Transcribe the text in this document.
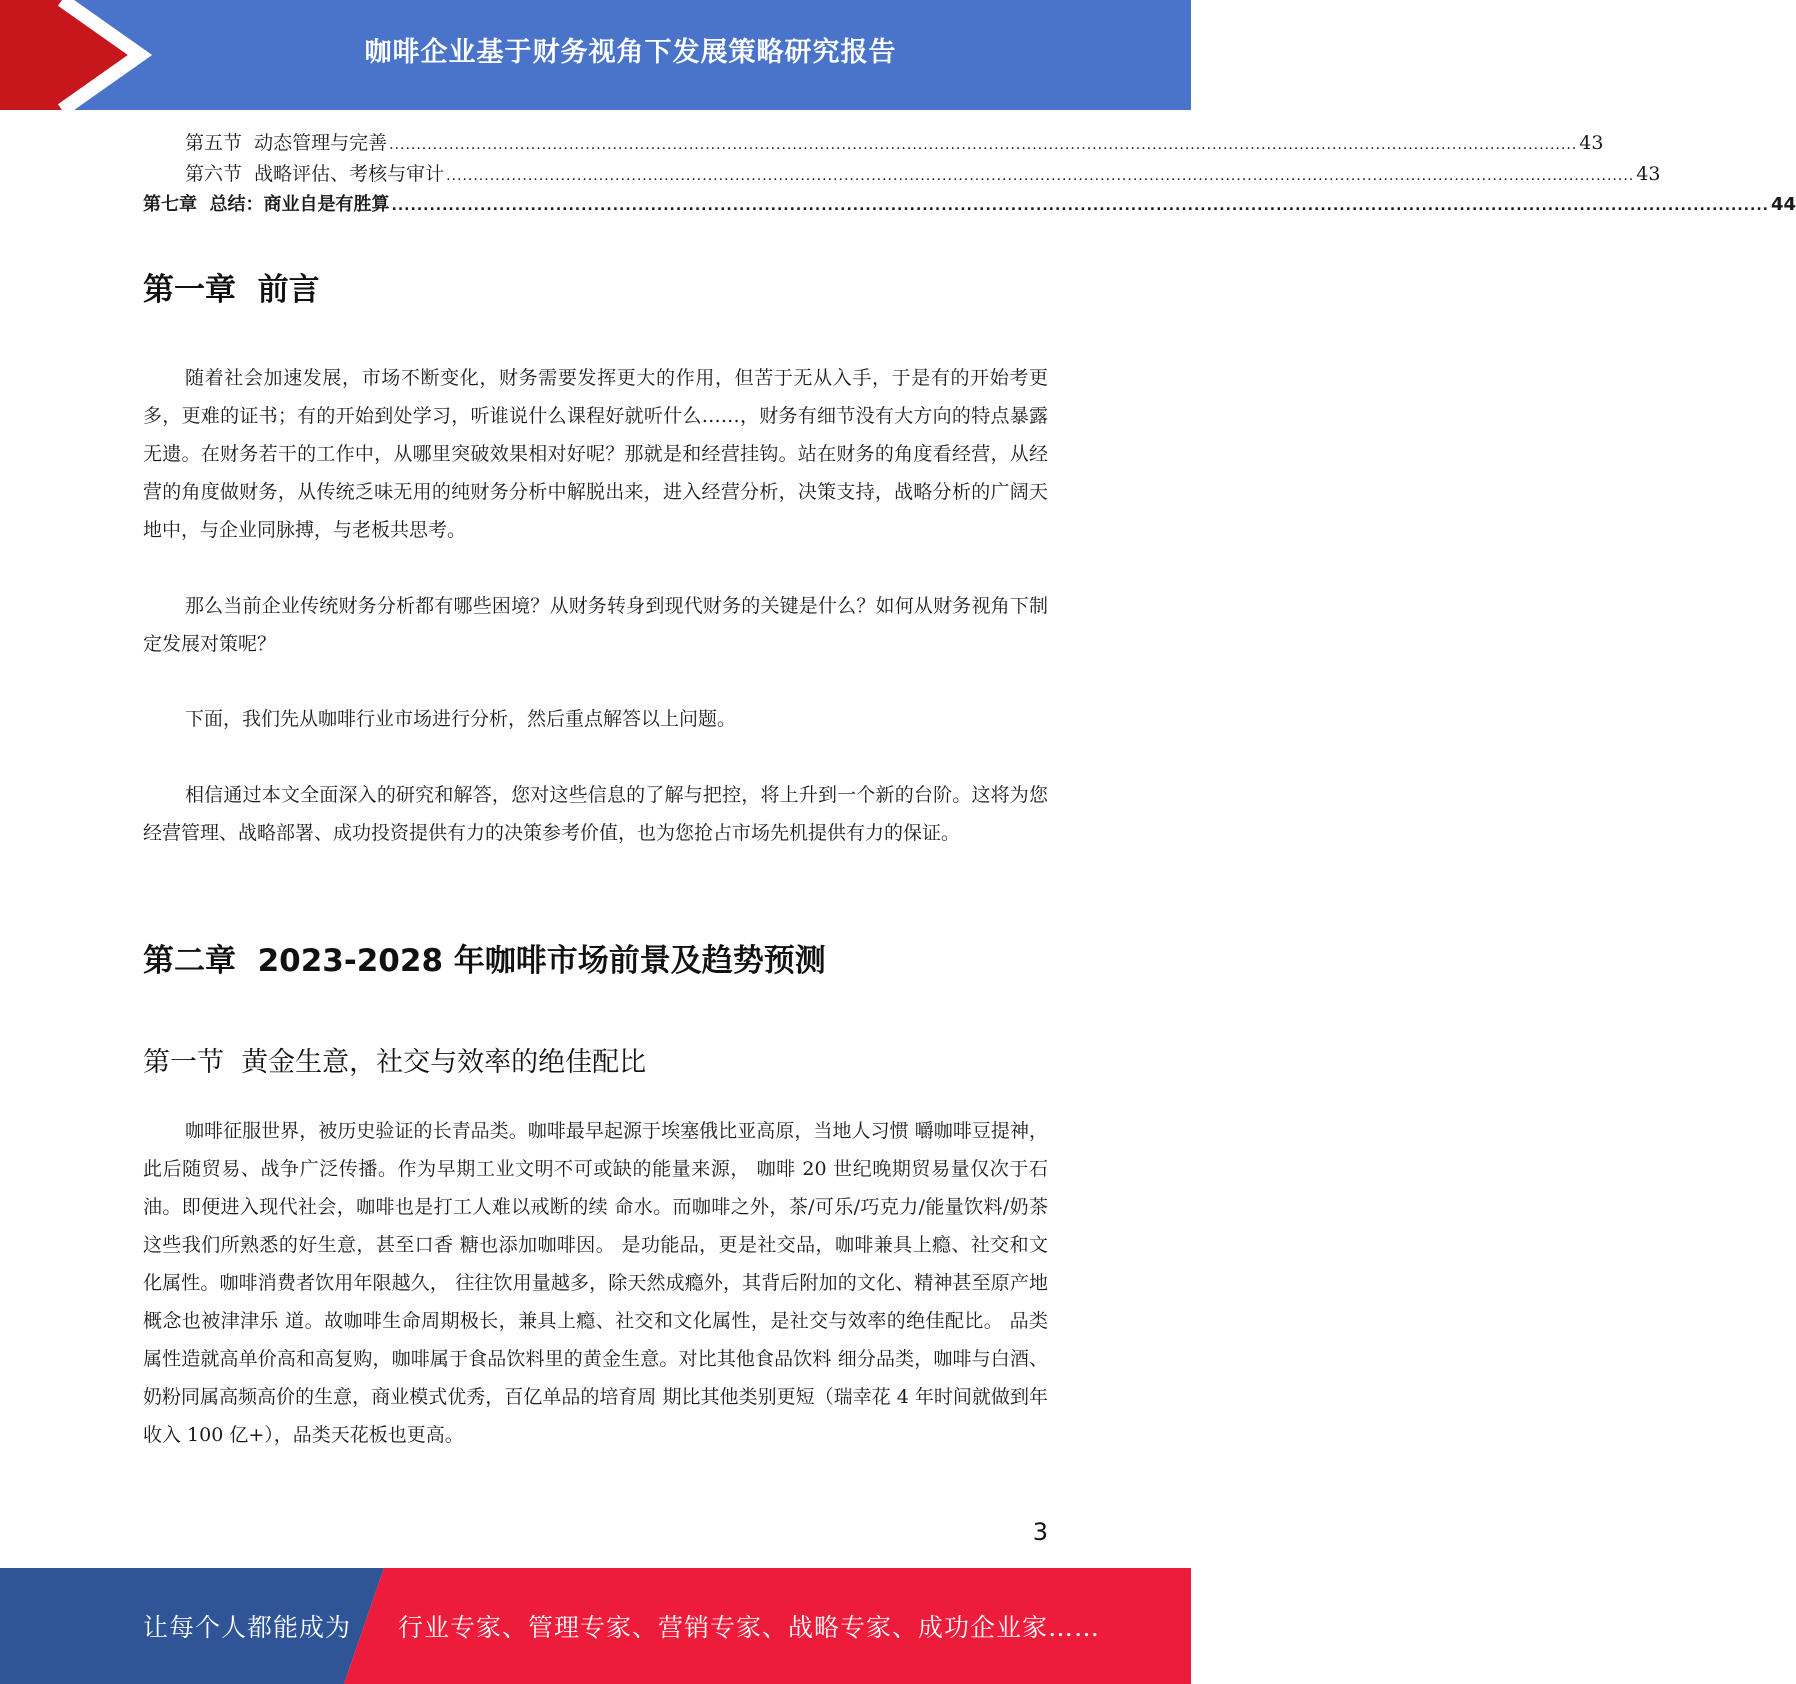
咖啡企业基于财务视角下发展策略研究报告
第五节  动态管理与完善 .......................................................................................................................................................................................................................... 43
第六节  战略评估、考核与审计 .......................................................................................................................................................................................................................... 43
第七章  总结：商业自是有胜算 .......................................................................................................................................................................................................................... 44
第一章  前言

随着社会加速发展，市场不断变化，财务需要发挥更大的作用，但苦于无从入手，于是有的开始考更多，更难的证书；有的开始到处学习，听谁说什么课程好就听什么……，财务有细节没有大方向的特点暴露无遗。在财务若干的工作中，从哪里突破效果相对好呢？那就是和经营挂钩。站在财务的角度看经营，从经营的角度做财务，从传统乏味无用的纯财务分析中解脱出来，进入经营分析，决策支持，战略分析的广阔天地中，与企业同脉搏，与老板共思考。

那么当前企业传统财务分析都有哪些困境？从财务转身到现代财务的关键是什么？如何从财务视角下制定发展对策呢？

下面，我们先从咖啡行业市场进行分析，然后重点解答以上问题。

相信通过本文全面深入的研究和解答，您对这些信息的了解与把控，将上升到一个新的台阶。这将为您经营管理、战略部署、成功投资提供有力的决策参考价值，也为您抢占市场先机提供有力的保证。

第二章  2023-2028 年咖啡市场前景及趋势预测
第一节  黄金生意，社交与效率的绝佳配比

咖啡征服世界，被历史验证的长青品类。咖啡最早起源于埃塞俄比亚高原，当地人习惯 嚼咖啡豆提神，此后随贸易、战争广泛传播。作为早期工业文明不可或缺的能量来源， 咖啡 20 世纪晚期贸易量仅次于石油。即便进入现代社会，咖啡也是打工人难以戒断的续 命水。而咖啡之外，茶/可乐/巧克力/能量饮料/奶茶这些我们所熟悉的好生意，甚至口香 糖也添加咖啡因。 是功能品，更是社交品，咖啡兼具上瘾、社交和文化属性。咖啡消费者饮用年限越久， 往往饮用量越多，除天然成瘾外，其背后附加的文化、精神甚至原产地概念也被津津乐 道。故咖啡生命周期极长，兼具上瘾、社交和文化属性，是社交与效率的绝佳配比。 品类属性造就高单价高和高复购，咖啡属于食品饮料里的黄金生意。对比其他食品饮料 细分品类，咖啡与白酒、奶粉同属高频高价的生意，商业模式优秀，百亿单品的培育周 期比其他类别更短（瑞幸花 4 年时间就做到年收入 100 亿+），品类天花板也更高。

3
让每个人都能成为 行业专家、管理专家、营销专家、战略专家、成功企业家……
